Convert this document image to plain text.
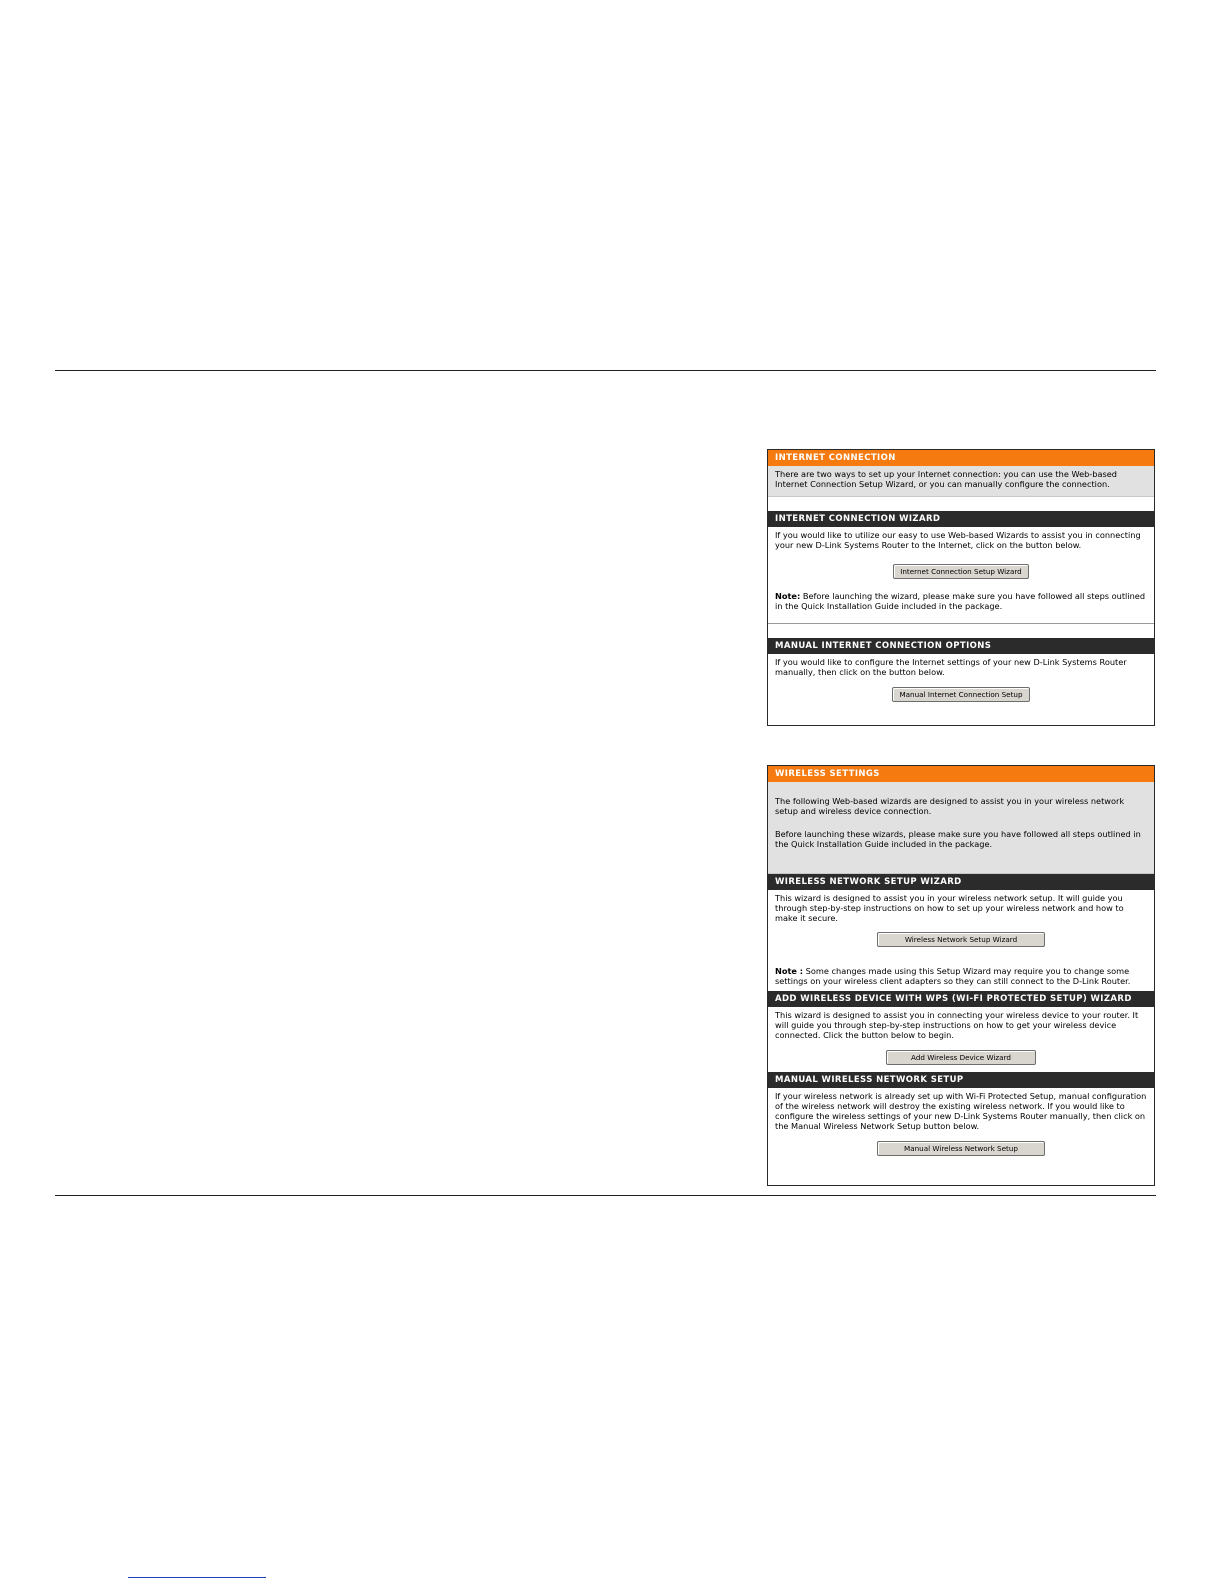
INTERNET CONNECTION
There are two ways to set up your Internet connection: you can use the Web-based Internet Connection Setup Wizard, or you can manually configure the connection.
INTERNET CONNECTION WIZARD
If you would like to utilize our easy to use Web-based Wizards to assist you in connecting your new D-Link Systems Router to the Internet, click on the button below.
Internet Connection Setup Wizard
Note: Before launching the wizard, please make sure you have followed all steps outlined in the Quick Installation Guide included in the package.
MANUAL INTERNET CONNECTION OPTIONS
If you would like to configure the Internet settings of your new D-Link Systems Router manually, then click on the button below.
Manual Internet Connection Setup
WIRELESS SETTINGS
The following Web-based wizards are designed to assist you in your wireless network setup and wireless device connection.
Before launching these wizards, please make sure you have followed all steps outlined in the Quick Installation Guide included in the package.
WIRELESS NETWORK SETUP WIZARD
This wizard is designed to assist you in your wireless network setup. It will guide you through step-by-step instructions on how to set up your wireless network and how to make it secure.
Wireless Network Setup Wizard
Note : Some changes made using this Setup Wizard may require you to change some settings on your wireless client adapters so they can still connect to the D-Link Router.
ADD WIRELESS DEVICE WITH WPS (WI-FI PROTECTED SETUP) WIZARD
This wizard is designed to assist you in connecting your wireless device to your router. It will guide you through step-by-step instructions on how to get your wireless device connected. Click the button below to begin.
Add Wireless Device Wizard
MANUAL WIRELESS NETWORK SETUP
If your wireless network is already set up with Wi-Fi Protected Setup, manual configuration of the wireless network will destroy the existing wireless network. If you would like to configure the wireless settings of your new D-Link Systems Router manually, then click on the Manual Wireless Network Setup button below.
Manual Wireless Network Setup
